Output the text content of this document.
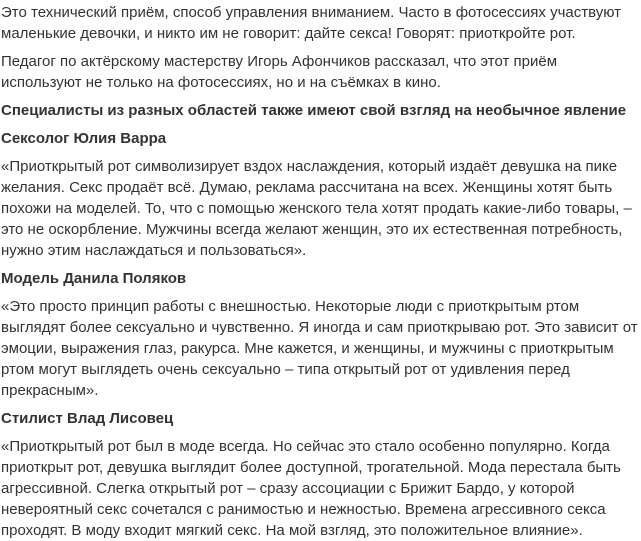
Это технический приём, способ управления вниманием. Часто в фотосессиях участвуют маленькие девочки, и никто им не говорит: дайте секса! Говорят: приоткройте рот.

Педагог по актёрскому мастерству Игорь Афончиков рассказал, что этот приём используют не только на фотосессиях, но и на съёмках в кино.

Специалисты из разных областей также имеют свой взгляд на необычное явление

Сексолог Юлия Варра

«Приоткрытый рот символизирует вздох наслаждения, который издаёт девушка на пике желания. Секс продаёт всё. Думаю, реклама рассчитана на всех. Женщины хотят быть похожи на моделей. То, что с помощью женского тела хотят продать какие-либо товары, – это не оскорбление. Мужчины всегда желают женщин, это их естественная потребность, нужно этим наслаждаться и пользоваться».

Модель Данила Поляков

«Это просто принцип работы с внешностью. Некоторые люди с приоткрытым ртом выглядят более сексуально и чувственно. Я иногда и сам приоткрываю рот. Это зависит от эмоции, выражения глаз, ракурса. Мне кажется, и женщины, и мужчины с приоткрытым ртом могут выглядеть очень сексуально – типа открытый рот от удивления перед прекрасным».

Стилист Влад Лисовец

«Приоткрытый рот был в моде всегда. Но сейчас это стало особенно популярно. Когда приоткрыт рот, девушка выглядит более доступной, трогательной. Мода перестала быть агрессивной. Слегка открытый рот – сразу ассоциации с Брижит Бардо, у которой невероятный секс сочетался с ранимостью и нежностью. Времена агрессивного секса проходят. В моду входит мягкий секс. На мой взгляд, это положительное влияние».
